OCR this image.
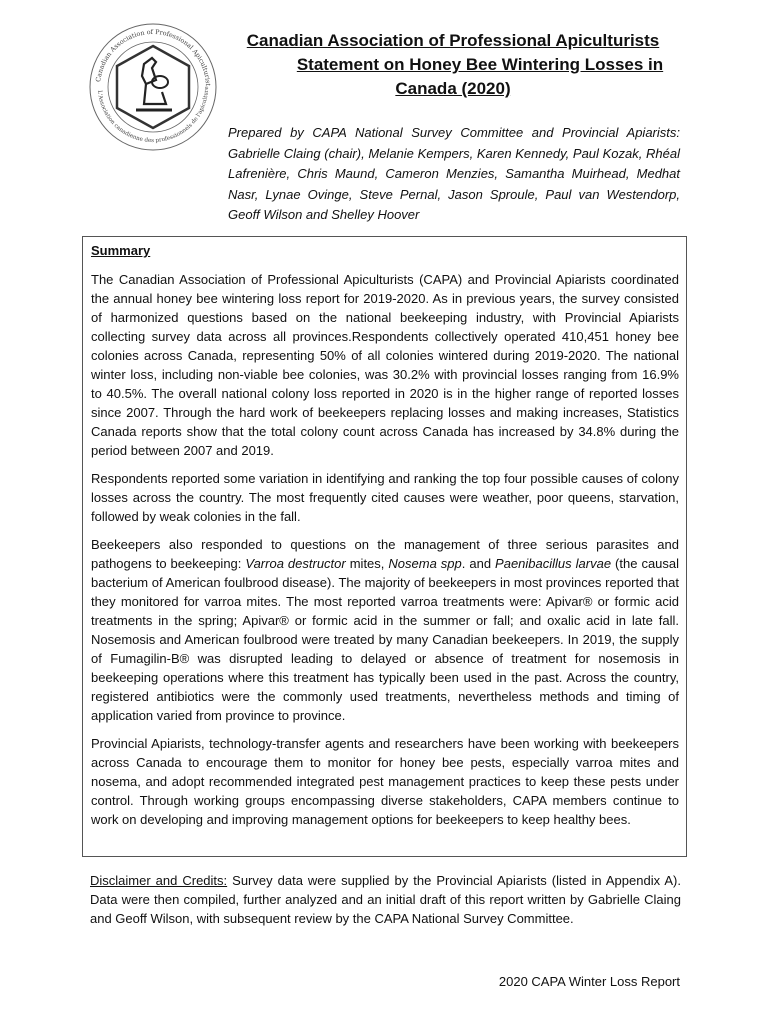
Canadian Association of Professional Apiculturist
L'Association canadienne des professionnels de l'apiculture
Canadian Association of Professional Apiculturists
Statement on Honey Bee Wintering Losses in
Canada (2020)
Prepared by CAPA National Survey Committee and Provincial Apiarists: Gabrielle Claing (chair), Melanie Kempers, Karen Kennedy, Paul Kozak, Rhéal Lafrenière, Chris Maund, Cameron Menzies, Samantha Muirhead, Medhat Nasr, Lynae Ovinge, Steve Pernal, Jason Sproule, Paul van Westendorp, Geoff Wilson and Shelley Hoover
Summary

The Canadian Association of Professional Apiculturists (CAPA) and Provincial Apiarists coordinated the annual honey bee wintering loss report for 2019-2020. As in previous years, the survey consisted of harmonized questions based on the national beekeeping industry, with Provincial Apiarists collecting survey data across all provinces.Respondents collectively operated 410,451 honey bee colonies across Canada, representing 50% of all colonies wintered during 2019-2020. The national winter loss, including non-viable bee colonies, was 30.2% with provincial losses ranging from 16.9% to 40.5%. The overall national colony loss reported in 2020 is in the higher range of reported losses since 2007. Through the hard work of beekeepers replacing losses and making increases, Statistics Canada reports show that the total colony count across Canada has increased by 34.8% during the period between 2007 and 2019.

Respondents reported some variation in identifying and ranking the top four possible causes of colony losses across the country. The most frequently cited causes were weather, poor queens, starvation, followed by weak colonies in the fall.

Beekeepers also responded to questions on the management of three serious parasites and pathogens to beekeeping: Varroa destructor mites, Nosema spp. and Paenibacillus larvae (the causal bacterium of American foulbrood disease). The majority of beekeepers in most provinces reported that they monitored for varroa mites. The most reported varroa treatments were: Apivar® or formic acid treatments in the spring; Apivar® or formic acid in the summer or fall; and oxalic acid in late fall. Nosemosis and American foulbrood were treated by many Canadian beekeepers. In 2019, the supply of Fumagilin-B® was disrupted leading to delayed or absence of treatment for nosemosis in beekeeping operations where this treatment has typically been used in the past. Across the country, registered antibiotics were the commonly used treatments, nevertheless methods and timing of application varied from province to province.

Provincial Apiarists, technology-transfer agents and researchers have been working with beekeepers across Canada to encourage them to monitor for honey bee pests, especially varroa mites and nosema, and adopt recommended integrated pest management practices to keep these pests under control. Through working groups encompassing diverse stakeholders, CAPA members continue to work on developing and improving management options for beekeepers to keep healthy bees.

Disclaimer and Credits: Survey data were supplied by the Provincial Apiarists (listed in Appendix A). Data were then compiled, further analyzed and an initial draft of this report written by Gabrielle Claing and Geoff Wilson, with subsequent review by the CAPA National Survey Committee.
2020 CAPA Winter Loss Report
